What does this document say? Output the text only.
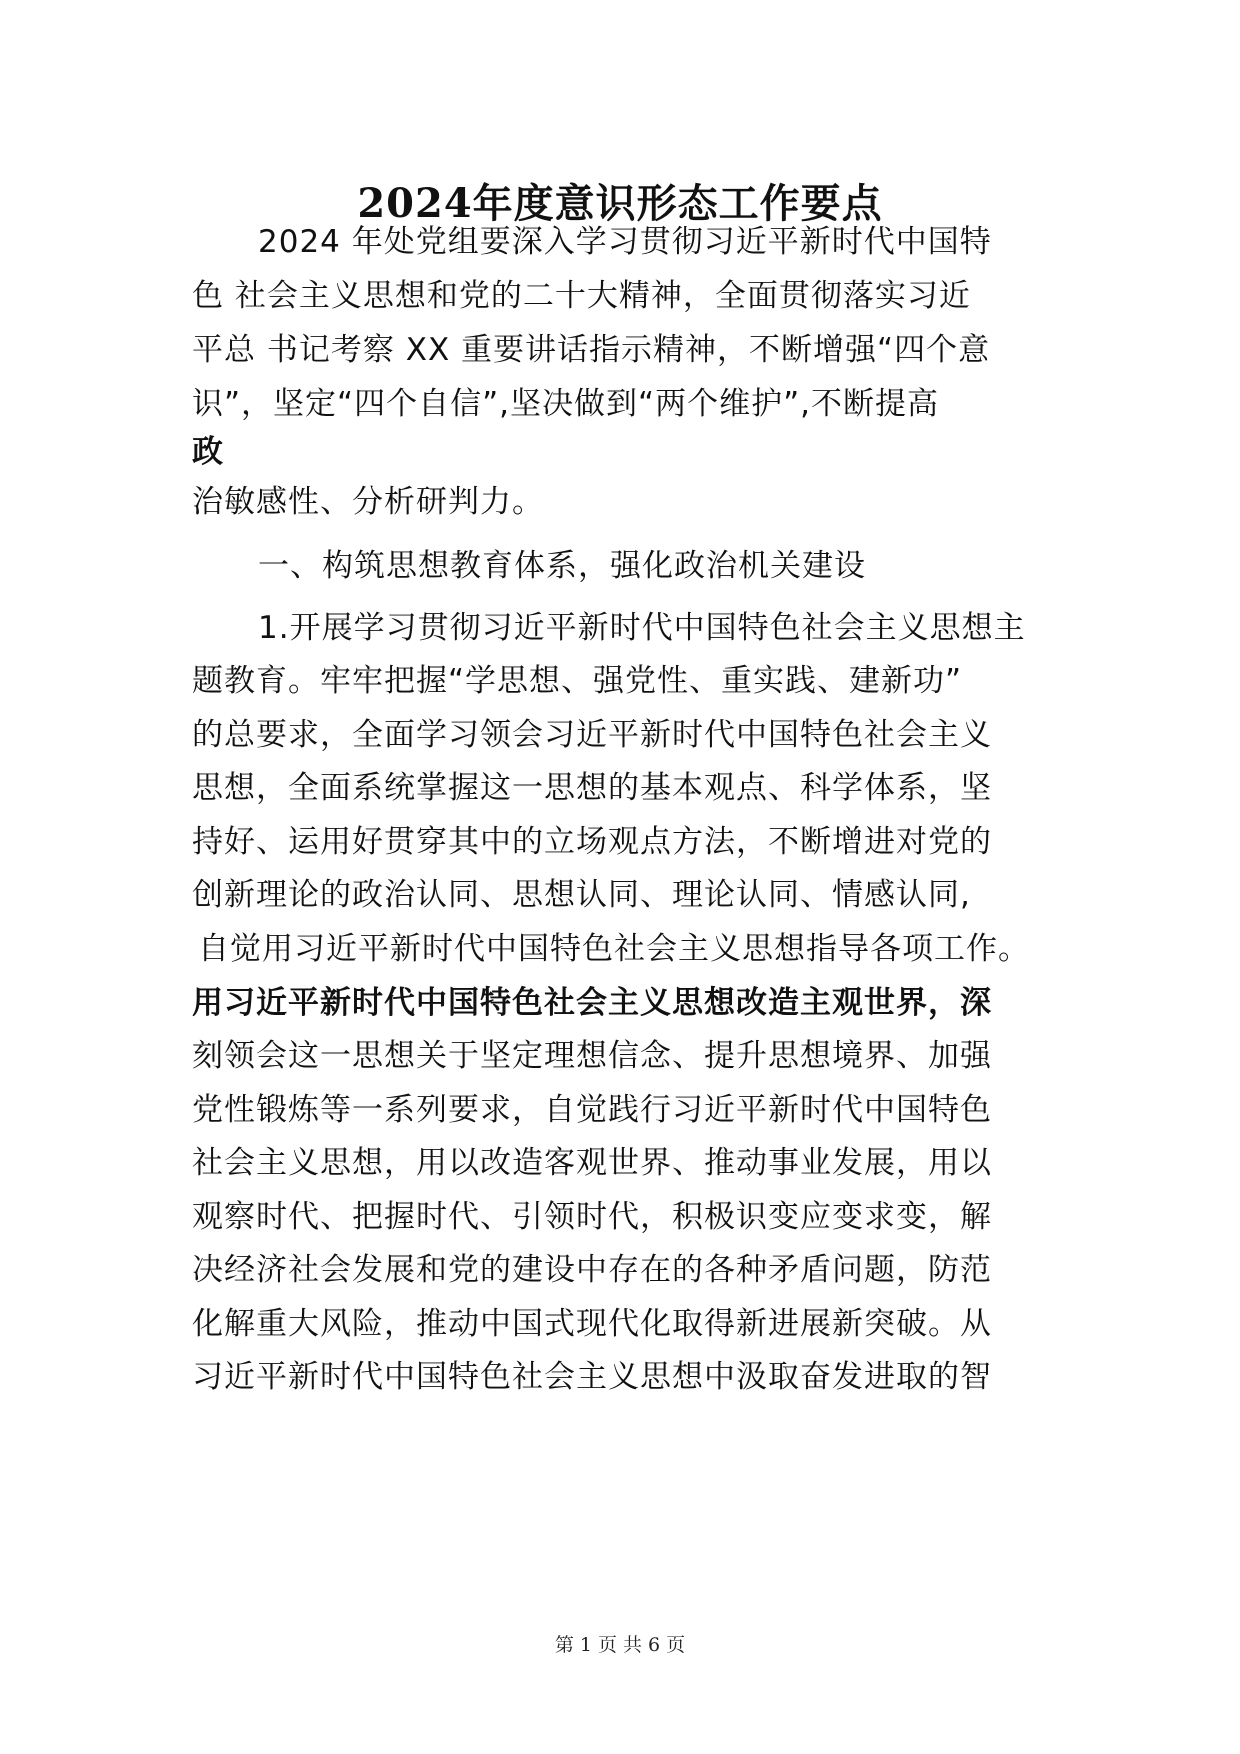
2024年度意识形态工作要点
2024 年处党组要深入学习贯彻习近平新时代中国特
色 社会主义思想和党的二十大精神，全面贯彻落实习近
平总 书记考察 XX 重要讲话指示精神，不断增强“四个意
识”，坚定“四个自信”,坚决做到“两个维护”,不断提高
政
治敏感性、分析研判力。
一、构筑思想教育体系，强化政治机关建设
1.开展学习贯彻习近平新时代中国特色社会主义思想主
题教育。牢牢把握“学思想、强党性、重实践、建新功”
的总要求，全面学习领会习近平新时代中国特色社会主义
思想，全面系统掌握这一思想的基本观点、科学体系，坚
持好、运用好贯穿其中的立场观点方法，不断增进对党的
创新理论的政治认同、思想认同、理论认同、情感认同,
自觉用习近平新时代中国特色社会主义思想指导各项工作。
用习近平新时代中国特色社会主义思想改造主观世界，深
刻领会这一思想关于坚定理想信念、提升思想境界、加强
党性锻炼等一系列要求，自觉践行习近平新时代中国特色
社会主义思想，用以改造客观世界、推动事业发展，用以
观察时代、把握时代、引领时代，积极识变应变求变，解
决经济社会发展和党的建设中存在的各种矛盾问题，防范
化解重大风险，推动中国式现代化取得新进展新突破。从
习近平新时代中国特色社会主义思想中汲取奋发进取的智
第 1 页 共 6 页
